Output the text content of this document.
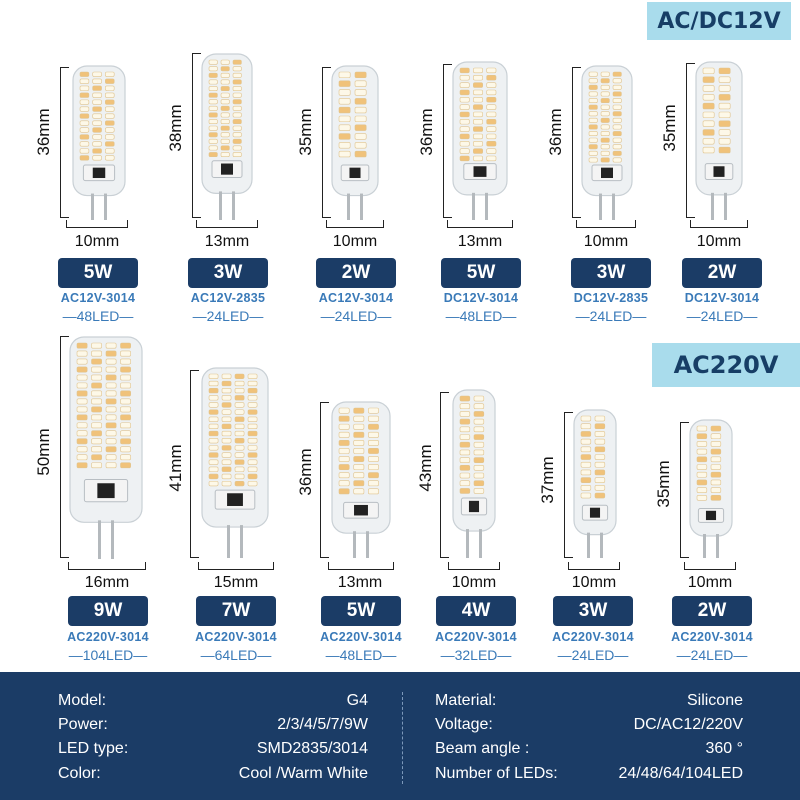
AC/DC12V
AC220V
36mm
10mm
5W
AC12V-3014
—48LED—
38mm
13mm
3W
AC12V-2835
—24LED—
35mm
10mm
2W
AC12V-3014
—24LED—
36mm
13mm
5W
DC12V-3014
—48LED—
36mm
10mm
3W
DC12V-2835
—24LED—
35mm
10mm
2W
DC12V-3014
—24LED—
50mm
16mm
9W
AC220V-3014
—104LED—
41mm
15mm
7W
AC220V-3014
—64LED—
36mm
13mm
5W
AC220V-3014
—48LED—
43mm
10mm
4W
AC220V-3014
—32LED—
37mm
10mm
3W
AC220V-3014
—24LED—
35mm
10mm
2W
AC220V-3014
—24LED—
Model:	G4
Power:	2/3/4/5/7/9W
LED type:	SMD2835/3014
Color:	Cool /Warm White
Material:	Silicone
Voltage:	DC/AC12/220V
Beam angle :	360 °
Number of LEDs:	24/48/64/104LED
